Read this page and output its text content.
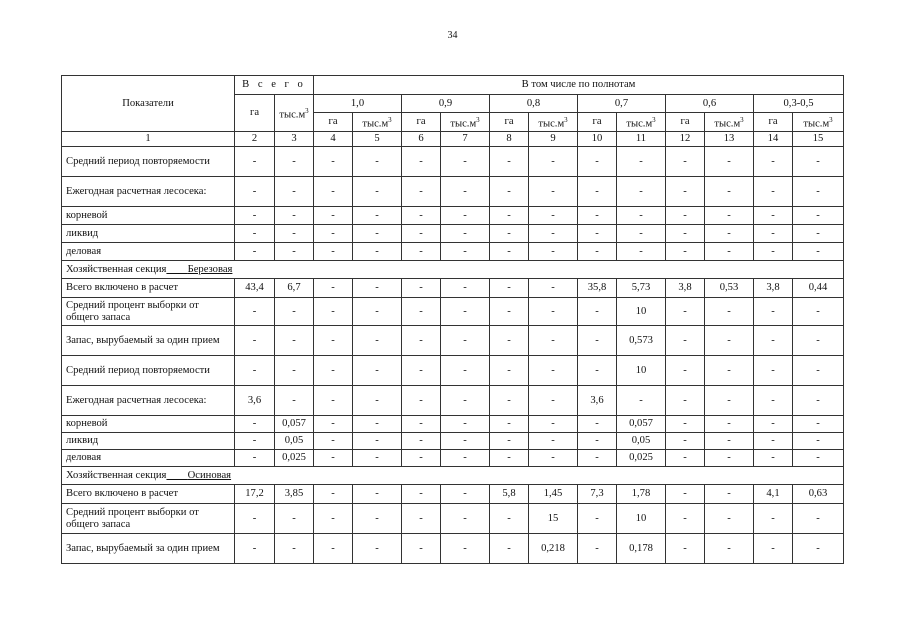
34
Показатели	В с е г о		В том числе по полнотам											
	га	$тыс.м^3$	1,0		0,9		0,8		0,7		0,6		0,3-0,5	
			га	$тыс.м^3$	га	$тыс.м^3$	га	$тыс.м^3$	га	$тыс.м^3$	га	$тыс.м^3$	га	$тыс.м^3$
1	2	3	4	5	6	7	8	9	10	11	12	13	14	15
Средний период повторяемости	-	-	-	-	-	-	-	-	-	-	-	-	-	-
Ежегодная расчетная лесосека:	-	-	-	-	-	-	-	-	-	-	-	-	-	-
корневой	-	-	-	-	-	-	-	-	-	-	-	-	-	-
ликвид	-	-	-	-	-	-	-	-	-	-	-	-	-	-
деловая	-	-	-	-	-	-	-	-	-	-	-	-	-	-
Хозяйственная секция Березовая														
Всего включено в расчет	43,4	6,7	-	-	-	-	-	-	35,8	5,73	3,8	0,53	3,8	0,44
Средний процент выборки от общего запаса	-	-	-	-	-	-	-	-	-	10	-	-	-	-
Запас, вырубаемый за один прием	-	-	-	-	-	-	-	-	-	0,573	-	-	-	-
Средний период повторяемости	-	-	-	-	-	-	-	-	-	10	-	-	-	-
Ежегодная расчетная лесосека:	3,6	-	-	-	-	-	-	-	3,6	-	-	-	-	-
корневой	-	0,057	-	-	-	-	-	-	-	0,057	-	-	-	-
ликвид	-	0,05	-	-	-	-	-	-	-	0,05	-	-	-	-
деловая	-	0,025	-	-	-	-	-	-	-	0,025	-	-	-	-
Хозяйственная секция Осиновая														
Всего включено в расчет	17,2	3,85	-	-	-	-	5,8	1,45	7,3	1,78	-	-	4,1	0,63
Средний процент выборки от общего запаса	-	-	-	-	-	-	-	15	-	10	-	-	-	-
Запас, вырубаемый за один прием	-	-	-	-	-	-	-	0,218	-	0,178	-	-	-	-
